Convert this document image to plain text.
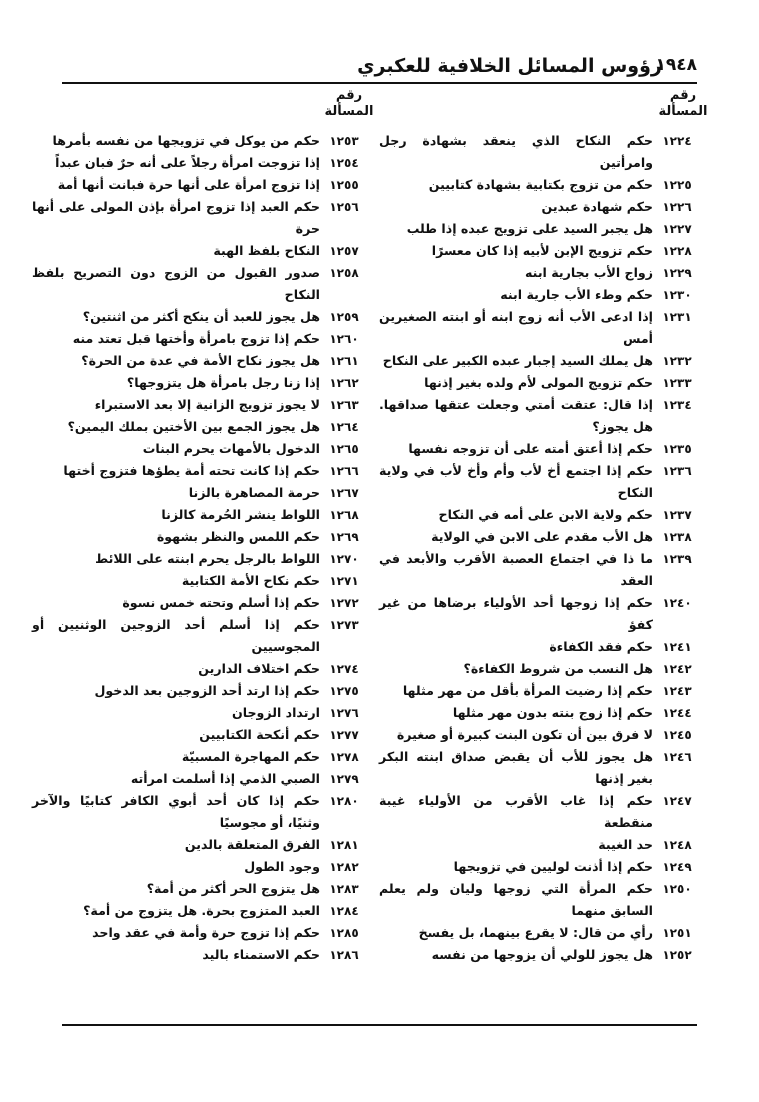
١٩٤٨
رؤوس المسائل الخلافية للعكبري
رقم المسألة
رقم المسألة
١٢٢٤
حكم النكاح الذي ينعقد بشهادة رجل وامرأتين
١٢٢٥
حكم من تزوج بكتابية بشهادة كتابيين
١٢٢٦
حكم شهادة عبدين
١٢٢٧
هل يجبر السيد على تزويج عبده إذا طلب
١٢٢٨
حكم تزويج الإبن لأبيه إذا كان معسرًا
١٢٢٩
زواج الأب بجارية ابنه
١٢٣٠
حكم وطء الأب جارية ابنه
١٢٣١
إذا ادعى الأب أنه زوج ابنه أو ابنته الصغيرين أمس
١٢٣٢
هل يملك السيد إجبار عبده الكبير على النكاح
١٢٣٣
حكم تزويج المولى لأم ولده بغير إذنها
١٢٣٤
إذا قال: عتقت أمتي وجعلت عتقها صداقها. هل يجوز؟
١٢٣٥
حكم إذا أعتق أمته على أن تزوجه نفسها
١٢٣٦
حكم إذا اجتمع أخ لأب وأم وأخ لأب في ولاية النكاح
١٢٣٧
حكم ولاية الابن على أمه في النكاح
١٢٣٨
هل الأب مقدم على الابن في الولاية
١٢٣٩
ما ذا في اجتماع العصبة الأقرب والأبعد في العقد
١٢٤٠
حكم إذا زوجها أحد الأولياء برضاها من غير كفؤ
١٢٤١
حكم فقد الكفاءة
١٢٤٢
هل النسب من شروط الكفاءة؟
١٢٤٣
حكم إذا رضيت المرأة بأقل من مهر مثلها
١٢٤٤
حكم إذا زوج بنته بدون مهر مثلها
١٢٤٥
لا فرق بين أن تكون البنت كبيرة أو صغيرة
١٢٤٦
هل يجوز للأب أن يقبض صداق ابنته البكر بغير إذنها
١٢٤٧
حكم إذا غاب الأقرب من الأولياء غيبة منقطعة
١٢٤٨
حد الغيبة
١٢٤٩
حكم إذا أذنت لوليين في تزويجها
١٢٥٠
حكم المرأة التي زوجها وليان ولم يعلم السابق منهما
١٢٥١
رأي من قال: لا يقرع بينهما، بل يفسخ
١٢٥٢
هل يجوز للولي أن يزوجها من نفسه
١٢٥٣
حكم من يوكل في تزويجها من نفسه بأمرها
١٢٥٤
إذا تزوجت امرأة رجلاً على أنه حرٌ فبان عبداً
١٢٥٥
إذا تزوج امرأة على أنها حرة فبانت أنها أمة
١٢٥٦
حكم العبد إذا تزوج امرأة بإذن المولى على أنها حرة
١٢٥٧
النكاح بلفظ الهبة
١٢٥٨
صدور القبول من الزوج دون التصريح بلفظ النكاح
١٢٥٩
هل يجوز للعبد أن ينكح أكثر من اثنتين؟
١٢٦٠
حكم إذا تزوج بامرأة وأختها قبل تعتد منه
١٢٦١
هل يجوز نكاح الأمة في عدة من الحرة؟
١٢٦٢
إذا زنا رجل بامرأة هل يتزوجها؟
١٢٦٣
لا يجوز تزويج الزانية إلا بعد الاستبراء
١٢٦٤
هل يجوز الجمع بين الأختين بملك اليمين؟
١٢٦٥
الدخول بالأمهات يحرم البنات
١٢٦٦
حكم إذا كانت تحته أمة يطؤها فتزوج أختها
١٢٦٧
حرمة المصاهرة بالزنا
١٢٦٨
اللواط ينشر الحُرمة كالزنا
١٢٦٩
حكم اللمس والنظر بشهوة
١٢٧٠
اللواط بالرجل يحرم ابنته على اللائط
١٢٧١
حكم نكاح الأمة الكتابية
١٢٧٢
حكم إذا أسلم وتحته خمس نسوة
١٢٧٣
حكم إذا أسلم أحد الزوجين الوثنيين أو المجوسيين
١٢٧٤
حكم اختلاف الدارين
١٢٧٥
حكم إذا ارتد أحد الزوجين بعد الدخول
١٢٧٦
ارتداد الزوجان
١٢٧٧
حكم أنكحة الكتابيين
١٢٧٨
حكم المهاجرة المسبيّة
١٢٧٩
الصبي الذمي إذا أسلمت امرأته
١٢٨٠
حكم إذا كان أحد أبوي الكافر كتابيًا والآخر وثنيًا، أو مجوسيًا
١٢٨١
الفرق المتعلقة بالدين
١٢٨٢
وجود الطول
١٢٨٣
هل يتزوج الحر أكثر من أمة؟
١٢٨٤
العبد المتزوج بحرة. هل يتزوج من أمة؟
١٢٨٥
حكم إذا تزوج حرة وأمة في عقد واحد
١٢٨٦
حكم الاستمناء باليد
